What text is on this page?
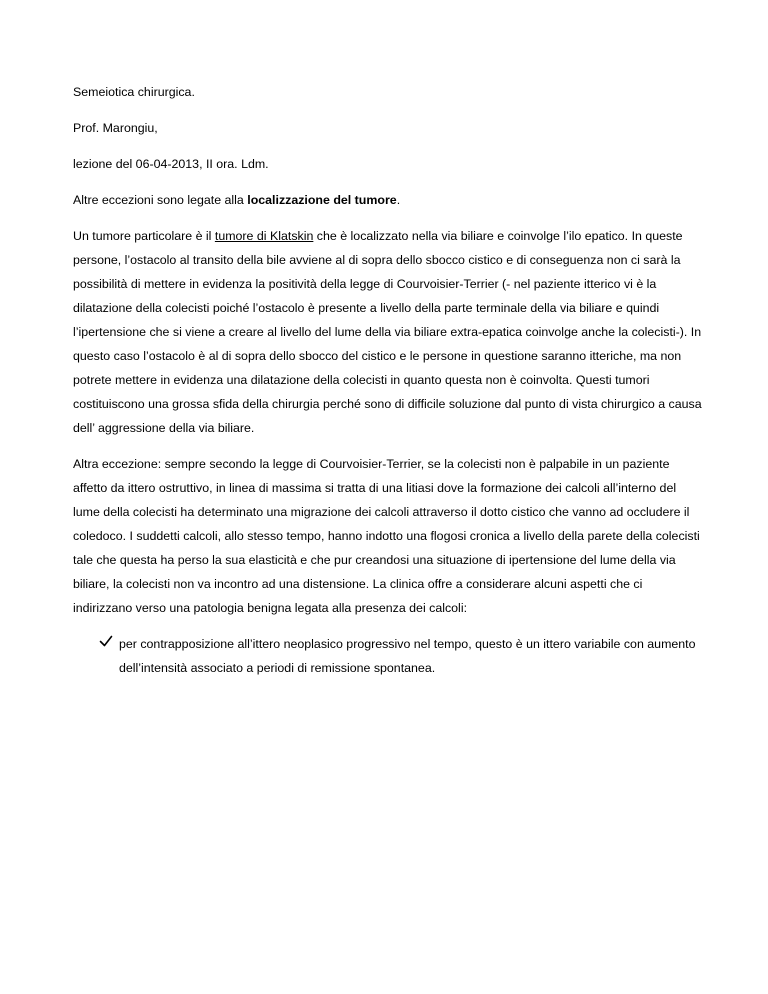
Semeiotica chirurgica.

Prof. Marongiu,

lezione del 06-04-2013, II ora. Ldm.

Altre eccezioni sono legate alla localizzazione del tumore.

Un tumore particolare è il tumore di Klatskin che è localizzato nella via biliare e coinvolge l’ilo epatico. In queste persone, l’ostacolo al transito della bile avviene al di sopra dello sbocco cistico e di conseguenza non ci sarà la possibilità di mettere in evidenza la positività della legge di Courvoisier-Terrier (- nel paziente itterico vi è la dilatazione della colecisti poiché l’ostacolo è presente a livello della parte terminale della via biliare e quindi l’ipertensione che si viene a creare al livello del lume della via biliare extra-epatica coinvolge anche la colecisti-). In questo caso l’ostacolo è al di sopra dello sbocco del cistico e le persone in questione saranno itteriche, ma non potrete mettere in evidenza una dilatazione della colecisti in quanto questa non è coinvolta. Questi tumori costituiscono una grossa sfida della chirurgia perché sono di difficile soluzione dal punto di vista chirurgico a causa dell’ aggressione della via biliare.

Altra eccezione: sempre secondo la legge di Courvoisier-Terrier, se la colecisti non è palpabile in un paziente affetto da ittero ostruttivo, in linea di massima si tratta di una litiasi dove la formazione dei calcoli all’interno del lume della colecisti ha determinato una migrazione dei calcoli attraverso il dotto cistico che vanno ad occludere il coledoco. I suddetti calcoli, allo stesso tempo, hanno indotto una flogosi cronica a livello della parete della colecisti tale che questa ha perso la sua elasticità e che pur creandosi una situazione di ipertensione del lume della via biliare, la colecisti non va incontro ad una distensione. La clinica offre a considerare alcuni aspetti che ci indirizzano verso una patologia benigna legata alla presenza dei calcoli:

per contrapposizione all’ittero neoplasico progressivo nel tempo, questo è un ittero variabile con aumento dell’intensità associato a periodi di remissione spontanea.
